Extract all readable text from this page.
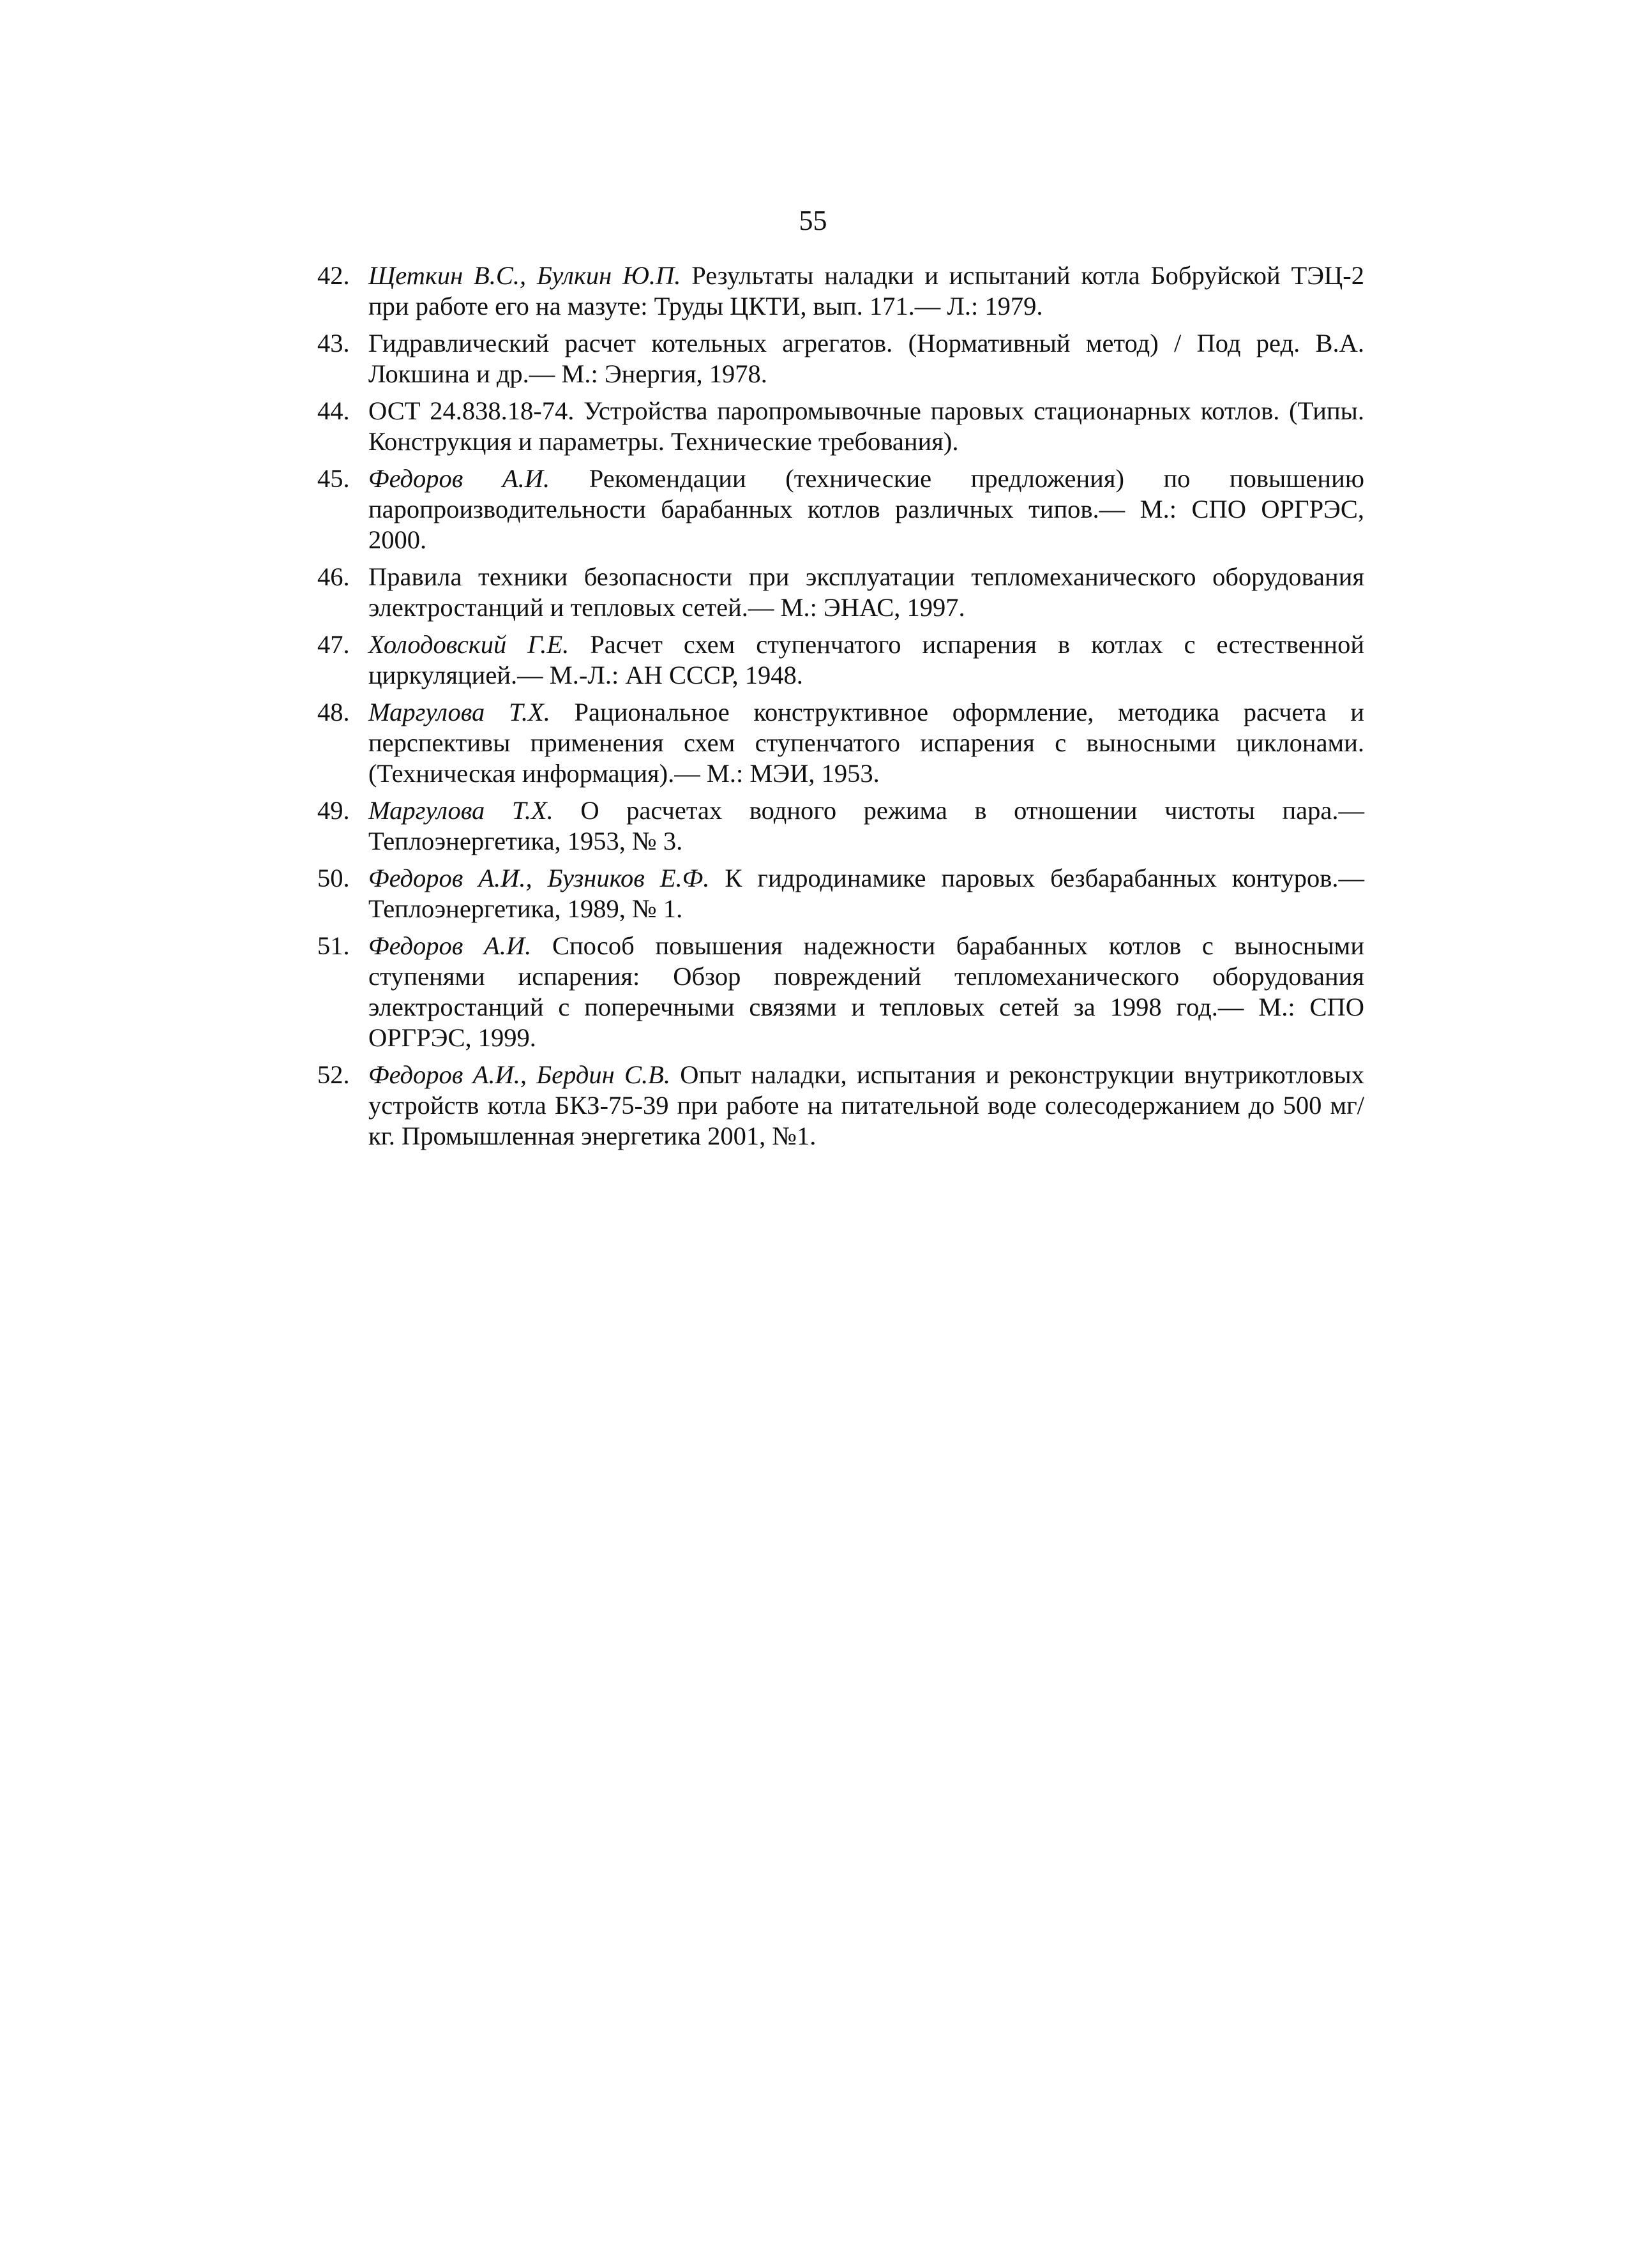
55
42. Щеткин В.С., Булкин Ю.П. Результаты наладки и испытаний котла Бобруйской ТЭЦ-2 при работе его на мазуте: Труды ЦКТИ, вып. 171.— Л.: 1979.
43. Гидравлический расчет котельных агрегатов. (Нормативный метод) / Под ред. В.А. Локшина и др.— М.: Энергия, 1978.
44. ОСТ 24.838.18-74. Устройства паропромывочные паровых стационарных котлов. (Типы. Конструкция и параметры. Технические требования).
45. Федоров А.И. Рекомендации (технические предложения) по повышению паропроизводительности барабанных котлов различных типов.— М.: СПО ОРГРЭС, 2000.
46. Правила техники безопасности при эксплуатации тепломеханического оборудования электростанций и тепловых сетей.— М.: ЭНАС, 1997.
47. Холодовский Г.Е. Расчет схем ступенчатого испарения в котлах с естественной циркуляцией.— М.-Л.: АН СССР, 1948.
48. Маргулова Т.Х. Рациональное конструктивное оформление, методика расчета и перспективы применения схем ступенчатого испарения с выносными циклонами. (Техническая информация).— М.: МЭИ, 1953.
49. Маргулова Т.Х. О расчетах водного режима в отношении чистоты пара.— Теплоэнергетика, 1953, № 3.
50. Федоров А.И., Бузников Е.Ф. К гидродинамике паровых безбарабанных контуров.— Теплоэнергетика, 1989, № 1.
51. Федоров А.И. Способ повышения надежности барабанных котлов с выносными ступенями испарения: Обзор повреждений тепломеханического оборудования электростанций с поперечными связями и тепловых сетей за 1998 год.— М.: СПО ОРГРЭС, 1999.
52. Федоров А.И., Бердин С.В. Опыт наладки, испытания и реконструкции внутрикотловых устройств котла БКЗ-75-39 при работе на питательной воде солесодержанием до 500 мг/кг. Промышленная энергетика 2001, №1.
